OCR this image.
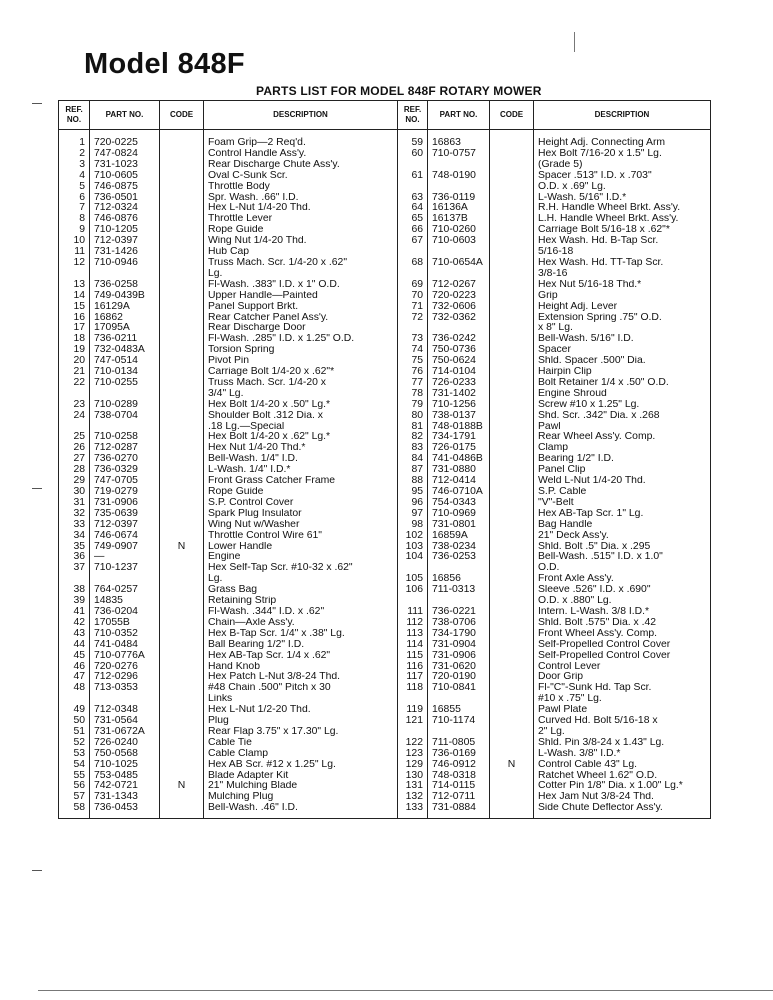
Model 848F
PARTS LIST FOR MODEL 848F ROTARY MOWER
REF. NO.	PART NO.	CODE	DESCRIPTION	REF. NO.	PART NO.	CODE	DESCRIPTION
1	720-0225		Foam Grip—2 Req'd.	59	16863		Height Adj. Connecting Arm
2	747-0824		Control Handle Ass'y.	60	710-0757		Hex Bolt 7/16-20 x 1.5" Lg.
3	731-1023		Rear Discharge Chute Ass'y.				(Grade 5)
4	710-0605		Oval C-Sunk Scr.	61	748-0190		Spacer .513" I.D. x .703"
5	746-0875		Throttle Body				O.D. x .69" Lg.
6	736-0501		Spr. Wash. .66" I.D.	63	736-0119		L-Wash. 5/16" I.D.*
7	712-0324		Hex L-Nut 1/4-20 Thd.	64	16136A		R.H. Handle Wheel Brkt. Ass'y.
8	746-0876		Throttle Lever	65	16137B		L.H. Handle Wheel Brkt. Ass'y.
9	710-1205		Rope Guide	66	710-0260		Carriage Bolt 5/16-18 x .62"*
10	712-0397		Wing Nut 1/4-20 Thd.	67	710-0603		Hex Wash. Hd. B-Tap Scr.
11	731-1426		Hub Cap				5/16-18
12	710-0946		Truss Mach. Scr. 1/4-20 x .62"	68	710-0654A		Hex Wash. Hd. TT-Tap Scr.
			Lg.				3/8-16
13	736-0258		Fl-Wash. .383" I.D. x 1" O.D.	69	712-0267		Hex Nut 5/16-18 Thd.*
14	749-0439B		Upper Handle—Painted	70	720-0223		Grip
15	16129A		Panel Support Brkt.	71	732-0606		Height Adj. Lever
16	16862		Rear Catcher Panel Ass'y.	72	732-0362		Extension Spring .75" O.D.
17	17095A		Rear Discharge Door				x 8" Lg.
18	736-0211		Fl-Wash. .285" I.D. x 1.25" O.D.	73	736-0242		Bell-Wash. 5/16" I.D.
19	732-0483A		Torsion Spring	74	750-0736		Spacer
20	747-0514		Pivot Pin	75	750-0624		Shld. Spacer .500" Dia.
21	710-0134		Carriage Bolt 1/4-20 x .62"*	76	714-0104		Hairpin Clip
22	710-0255		Truss Mach. Scr. 1/4-20 x	77	726-0233		Bolt Retainer 1/4 x .50" O.D.
			3/4" Lg.	78	731-1402		Engine Shroud
23	710-0289		Hex Bolt 1/4-20 x .50" Lg.*	79	710-1256		Screw #10 x 1.25" Lg.
24	738-0704		Shoulder Bolt .312 Dia. x	80	738-0137		Shd. Scr. .342" Dia. x .268
			.18 Lg.—Special	81	748-0188B		Pawl
25	710-0258		Hex Bolt 1/4-20 x .62" Lg.*	82	734-1791		Rear Wheel Ass'y. Comp.
26	712-0287		Hex Nut 1/4-20 Thd.*	83	726-0175		Clamp
27	736-0270		Bell-Wash. 1/4" I.D.	84	741-0486B		Bearing 1/2" I.D.
28	736-0329		L-Wash. 1/4" I.D.*	87	731-0880		Panel Clip
29	747-0705		Front Grass Catcher Frame	88	712-0414		Weld L-Nut 1/4-20 Thd.
30	719-0279		Rope Guide	95	746-0710A		S.P. Cable
31	731-0906		S.P. Control Cover	96	754-0343		"V"-Belt
32	735-0639		Spark Plug Insulator	97	710-0969		Hex AB-Tap Scr. 1" Lg.
33	712-0397		Wing Nut w/Washer	98	731-0801		Bag Handle
34	746-0674		Throttle Control Wire 61"	102	16859A		21" Deck Ass'y.
35	749-0907	N	Lower Handle	103	738-0234		Shld. Bolt .5" Dia. x .295
36	—		Engine	104	736-0253		Bell-Wash. .515" I.D. x 1.0"
37	710-1237		Hex Self-Tap Scr. #10-32 x .62"				O.D.
			Lg.	105	16856		Front Axle Ass'y.
38	764-0257		Grass Bag	106	711-0313		Sleeve .526" I.D. x .690"
39	14835		Retaining Strip				O.D. x .880" Lg.
41	736-0204		Fl-Wash. .344" I.D. x .62"	111	736-0221		Intern. L-Wash. 3/8 I.D.*
42	17055B		Chain—Axle Ass'y.	112	738-0706		Shld. Bolt .575" Dia. x .42
43	710-0352		Hex B-Tap Scr. 1/4" x .38" Lg.	113	734-1790		Front Wheel Ass'y. Comp.
44	741-0484		Ball Bearing 1/2" I.D.	114	731-0904		Self-Propelled Control Cover
45	710-0776A		Hex AB-Tap Scr. 1/4 x .62"	115	731-0906		Self-Propelled Control Cover
46	720-0276		Hand Knob	116	731-0620		Control Lever
47	712-0296		Hex Patch L-Nut 3/8-24 Thd.	117	720-0190		Door Grip
48	713-0353		#48 Chain .500" Pitch x 30	118	710-0841		Fl-"C"-Sunk Hd. Tap Scr.
			Links				#10 x .75" Lg.
49	712-0348		Hex L-Nut 1/2-20 Thd.	119	16855		Pawl Plate
50	731-0564		Plug	121	710-1174		Curved Hd. Bolt 5/16-18 x
51	731-0672A		Rear Flap 3.75" x 17.30" Lg.				2" Lg.
52	726-0240		Cable Tie	122	711-0805		Shld. Pin 3/8-24 x 1.43" Lg.
53	750-0568		Cable Clamp	123	736-0169		L-Wash. 3/8" I.D.*
54	710-1025		Hex AB Scr. #12 x 1.25" Lg.	129	746-0912	N	Control Cable 43" Lg.
55	753-0485		Blade Adapter Kit	130	748-0318		Ratchet Wheel 1.62" O.D.
56	742-0721	N	21" Mulching Blade	131	714-0115		Cotter Pin 1/8" Dia. x 1.00" Lg.*
57	731-1343		Mulching Plug	132	712-0711		Hex Jam Nut 3/8-24 Thd.
58	736-0453		Bell-Wash. .46" I.D.	133	731-0884		Side Chute Deflector Ass'y.
